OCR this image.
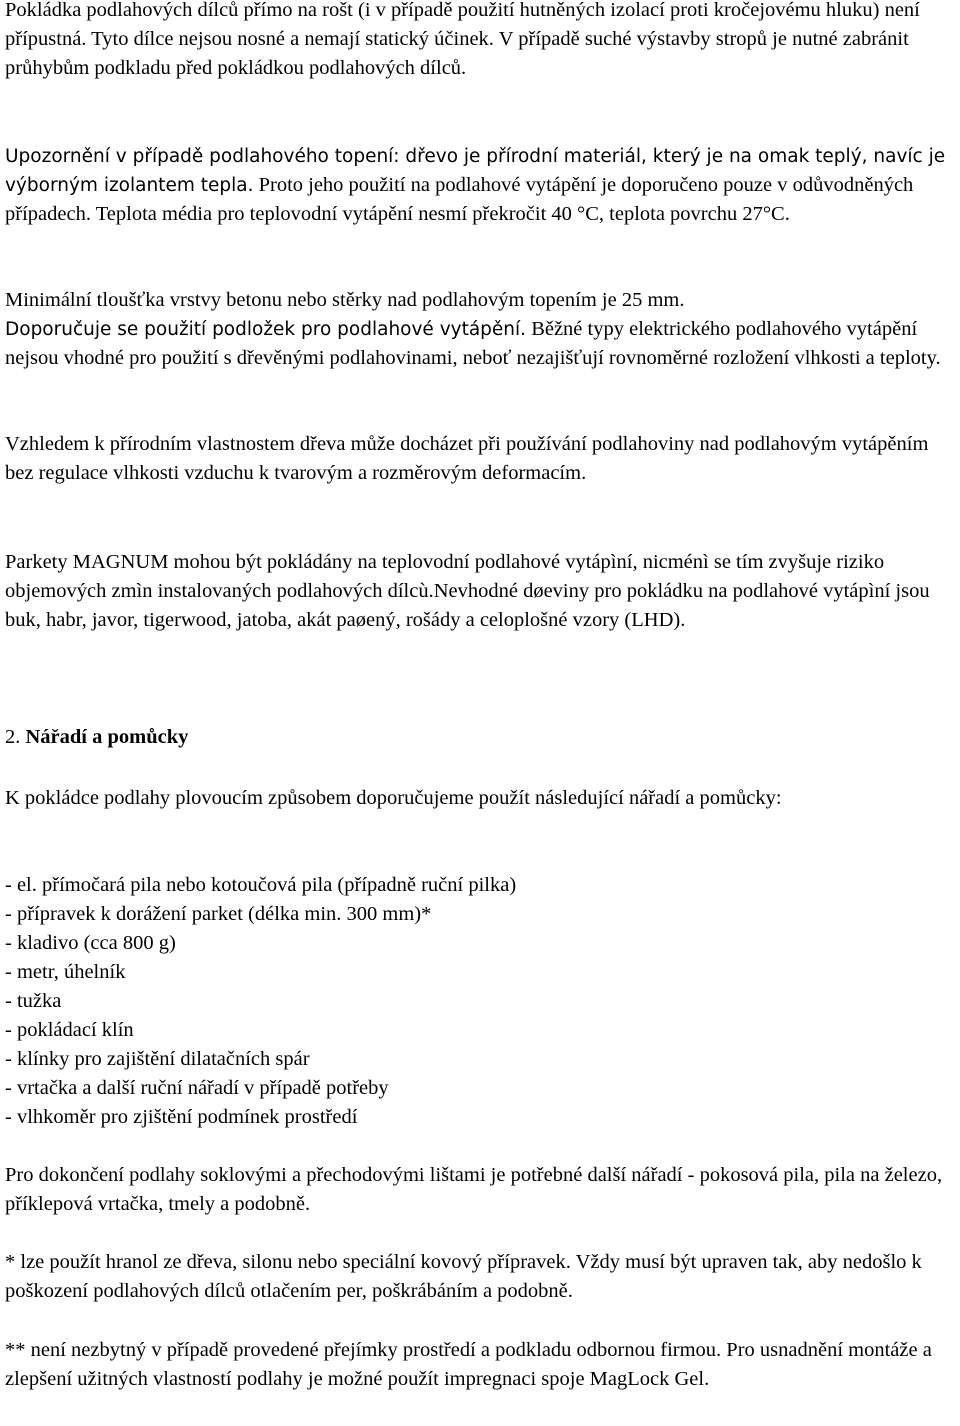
Pokládka podlahových dílců přímo na rošt (i v případě použití hutněných izolací proti kročejovému hluku) není přípustná. Tyto dílce nejsou nosné a nemají statický účinek. V případě suché výstavby stropů je nutné zabránit průhybům podkladu před pokládkou podlahových dílců.

Upozornění v případě podlahového topení: dřevo je přírodní materiál, který je na omak teplý, navíc je výborným izolantem tepla. Proto jeho použití na podlahové vytápění je doporučeno pouze v odůvodněných případech. Teplota média pro teplovodní vytápění nesmí překročit 40 °C, teplota povrchu 27°C.

Minimální tloušťka vrstvy betonu nebo stěrky nad podlahovým topením je 25 mm.
Doporučuje se použití podložek pro podlahové vytápění. Běžné typy elektrického podlahového vytápění nejsou vhodné pro použití s dřevěnými podlahovinami, neboť nezajišťují rovnoměrné rozložení vlhkosti a teploty.

Vzhledem k přírodním vlastnostem dřeva může docházet při používání podlahoviny nad podlahovým vytápěním bez regulace vlhkosti vzduchu k tvarovým a rozměrovým deformacím.

Parkety MAGNUM mohou být pokládány na teplovodní podlahové vytápìní, nicménì se tím zvyšuje riziko objemových zmìn instalovaných podlahových dílcù.Nevhodné døeviny pro pokládku na podlahové vytápìní jsou buk, habr, javor, tigerwood, jatoba, akát paøený, rošády a celoplošné vzory (LHD).

2. Nářadí a pomůcky

K pokládce podlahy plovoucím způsobem doporučujeme použít následující nářadí a pomůcky:

- el. přímočará pila nebo kotoučová pila (případně ruční pilka)
- přípravek k dorážení parket (délka min. 300 mm)*
- kladivo (cca 800 g)
- metr, úhelník
- tužka
- pokládací klín
- klínky pro zajištění dilatačních spár
- vrtačka a další ruční nářadí v případě potřeby
- vlhkoměr pro zjištění podmínek prostředí

Pro dokončení podlahy soklovými a přechodovými lištami je potřebné další nářadí - pokosová pila, pila na železo, příklepová vrtačka, tmely a podobně.

* lze použít hranol ze dřeva, silonu nebo speciální kovový přípravek. Vždy musí být upraven tak, aby nedošlo k poškození podlahových dílců otlačením per, poškrábáním a podobně.

** není nezbytný v případě provedené přejímky prostředí a podkladu odbornou firmou. Pro usnadnění montáže a zlepšení užitných vlastností podlahy je možné použít impregnaci spoje MagLock Gel.
